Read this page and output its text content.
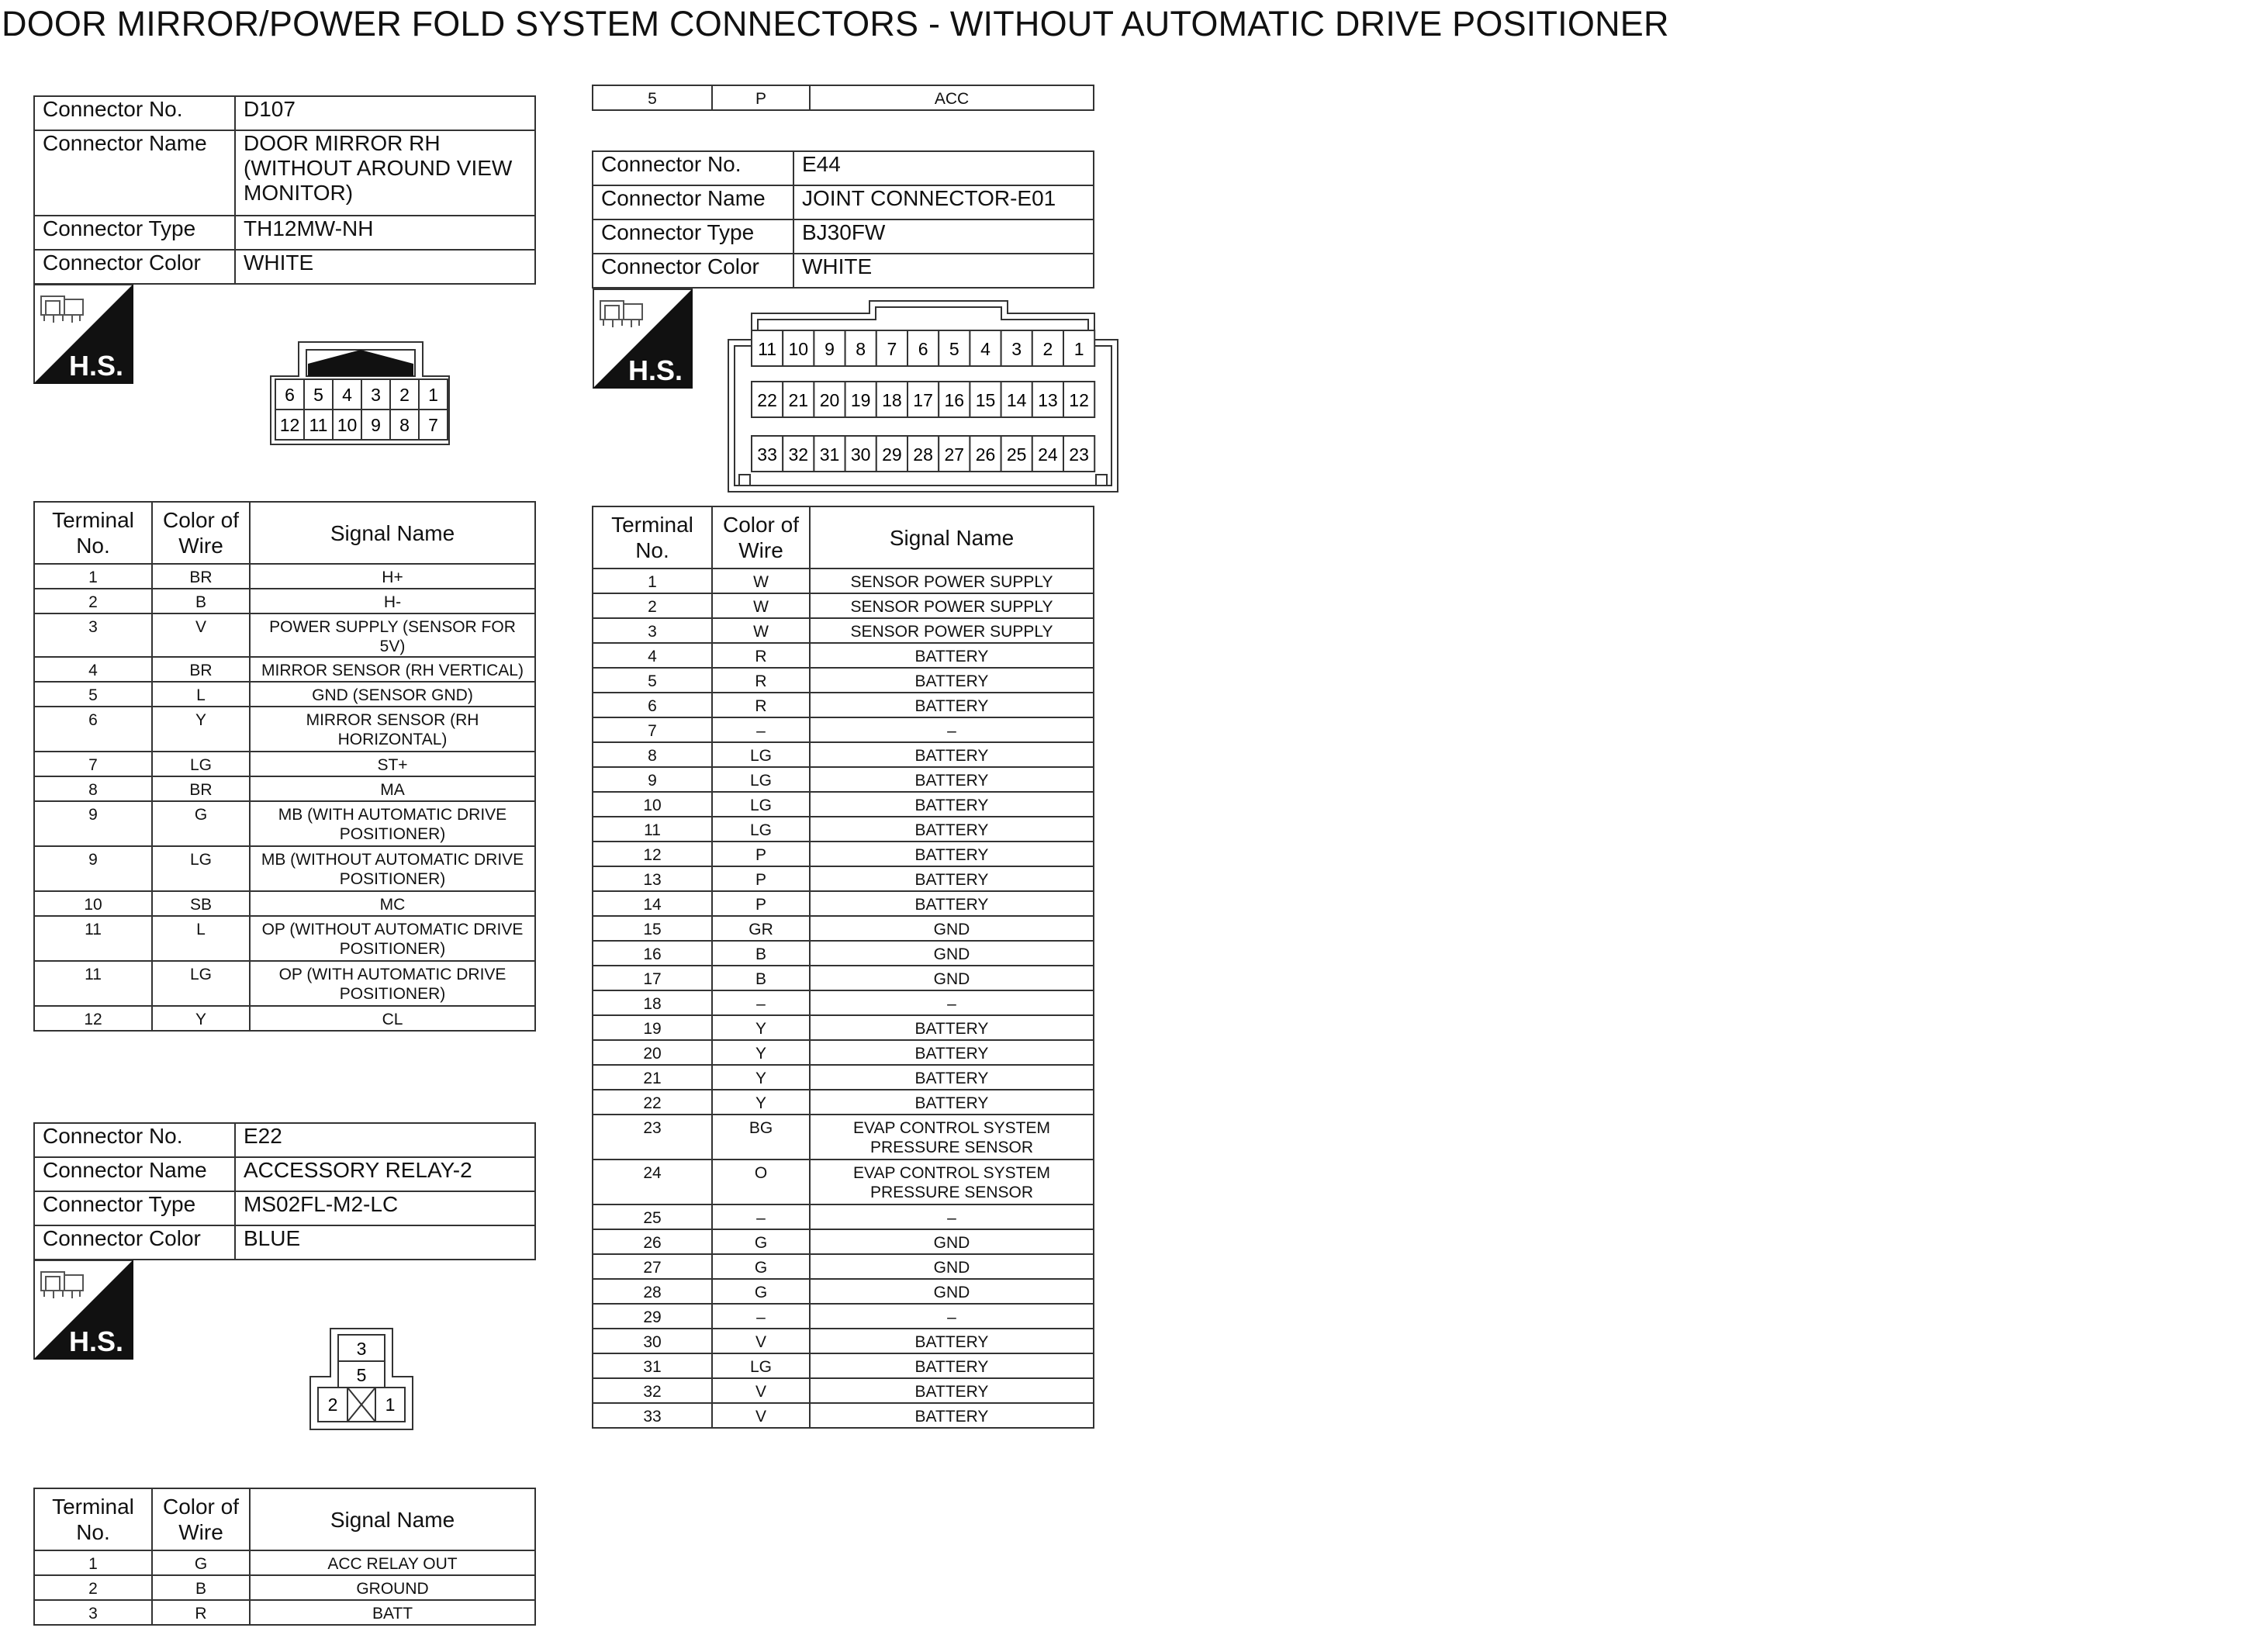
DOOR MIRROR/POWER FOLD SYSTEM CONNECTORS - WITHOUT AUTOMATIC DRIVE POSITIONER
Connector No.	D107
Connector Name	DOOR MIRROR RH (WITHOUT AROUND VIEW MONITOR)
Connector Type	TH12MW-NH
Connector Color	WHITE
H.S.
6 5 4 3 2 1
12 11 10 9 8 7
Terminal No.	Color of Wire	Signal Name
1	BR	H+
2	B	H-
3	V	POWER SUPPLY (SENSOR FOR 5V)
4	BR	MIRROR SENSOR (RH VERTICAL)
5	L	GND (SENSOR GND)
6	Y	MIRROR SENSOR (RH HORIZONTAL)
7	LG	ST+
8	BR	MA
9	G	MB (WITH AUTOMATIC DRIVE POSITIONER)
9	LG	MB (WITHOUT AUTOMATIC DRIVE POSITIONER)
10	SB	MC
11	L	OP (WITHOUT AUTOMATIC DRIVE POSITIONER)
11	LG	OP (WITH AUTOMATIC DRIVE POSITIONER)
12	Y	CL
Connector No.	E22
Connector Name	ACCESSORY RELAY-2
Connector Type	MS02FL-M2-LC
Connector Color	BLUE
H.S.	3
5
2	1
Terminal No.	Color of Wire	Signal Name
1	G	ACC RELAY OUT
2	B	GROUND
3	R	BATT
5	P	ACC
Connector No.	E44
Connector Name	JOINT CONNECTOR-E01
Connector Type	BJ30FW
Connector Color	WHITE
H.S.
11 10 9 8 7 6 5 4 3 2 1
22 21 20 19 18 17 16 15 14 13 12
33 32 31 30 29 28 27 26 25 24 23
Terminal No.	Color of Wire	Signal Name
1	W	SENSOR POWER SUPPLY
2	W	SENSOR POWER SUPPLY
3	W	SENSOR POWER SUPPLY
4	R	BATTERY
5	R	BATTERY
6	R	BATTERY
7	–	–
8	LG	BATTERY
9	LG	BATTERY
10	LG	BATTERY
11	LG	BATTERY
12	P	BATTERY
13	P	BATTERY
14	P	BATTERY
15	GR	GND
16	B	GND
17	B	GND
18	–	–
19	Y	BATTERY
20	Y	BATTERY
21	Y	BATTERY
22	Y	BATTERY
23	BG	EVAP CONTROL SYSTEM PRESSURE SENSOR
24	O	EVAP CONTROL SYSTEM PRESSURE SENSOR
25	–	–
26	G	GND
27	G	GND
28	G	GND
29	–	–
30	V	BATTERY
31	LG	BATTERY
32	V	BATTERY
33	V	BATTERY
